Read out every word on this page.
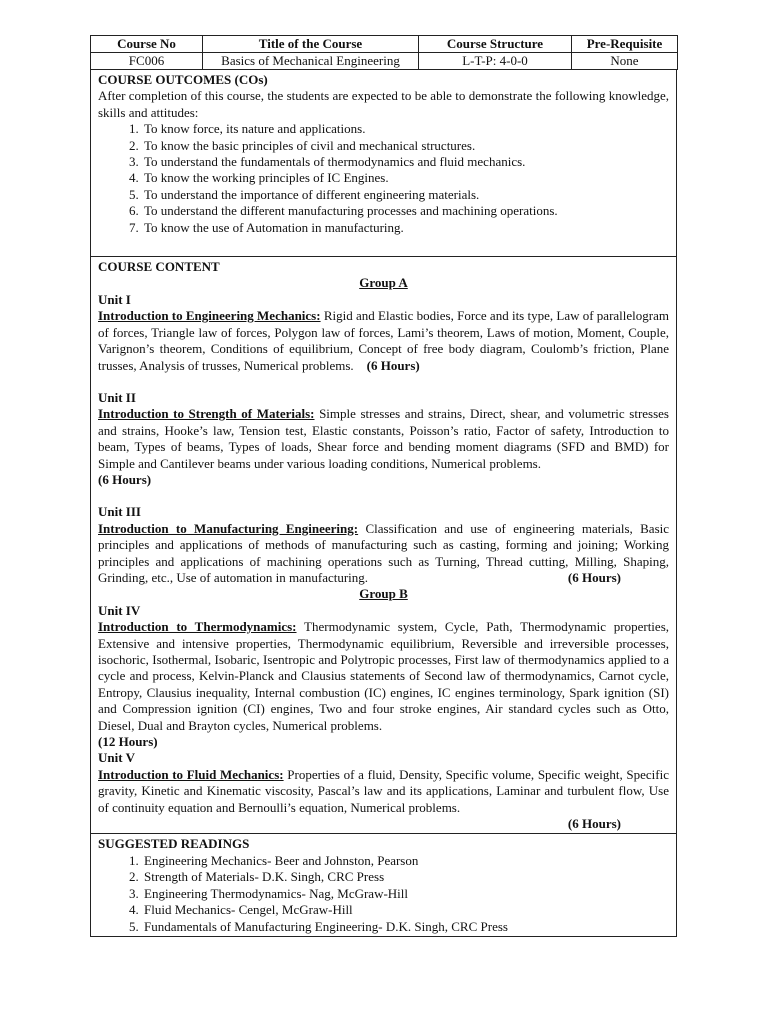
Course No	Title of the Course	Course Structure	Pre-Requisite
FC006	Basics of Mechanical Engineering	L-T-P: 4-0-0	None
COURSE OUTCOMES (COs)
After completion of this course, the students are expected to be able to demonstrate the following knowledge, skills and attitudes:
1. To know force, its nature and applications.
2. To know the basic principles of civil and mechanical structures.
3. To understand the fundamentals of thermodynamics and fluid mechanics.
4. To know the working principles of IC Engines.
5. To understand the importance of different engineering materials.
6. To understand the different manufacturing processes and machining operations.
7. To know the use of Automation in manufacturing.
COURSE CONTENT
Group A
Unit I
Introduction to Engineering Mechanics: Rigid and Elastic bodies, Force and its type, Law of parallelogram of forces, Triangle law of forces, Polygon law of forces, Lami’s theorem, Laws of motion, Moment, Couple, Varignon’s theorem, Conditions of equilibrium, Concept of free body diagram, Coulomb’s friction, Plane trusses, Analysis of trusses, Numerical problems. (6 Hours)
Unit II
Introduction to Strength of Materials: Simple stresses and strains, Direct, shear, and volumetric stresses and strains, Hooke’s law, Tension test, Elastic constants, Poisson’s ratio, Factor of safety, Introduction to beam, Types of beams, Types of loads, Shear force and bending moment diagrams (SFD and BMD) for Simple and Cantilever beams under various loading conditions, Numerical problems.
(6 Hours)
Unit III
Introduction to Manufacturing Engineering: Classification and use of engineering materials, Basic principles and applications of methods of manufacturing such as casting, forming and joining; Working principles and applications of machining operations such as Turning, Thread cutting, Milling, Shaping, Grinding, etc., Use of automation in manufacturing.	(6 Hours)
Group B
Unit IV
Introduction to Thermodynamics: Thermodynamic system, Cycle, Path, Thermodynamic properties, Extensive and intensive properties, Thermodynamic equilibrium, Reversible and irreversible processes, isochoric, Isothermal, Isobaric, Isentropic and Polytropic processes, First law of thermodynamics applied to a cycle and process, Kelvin-Planck and Clausius statements of Second law of thermodynamics, Carnot cycle, Entropy, Clausius inequality, Internal combustion (IC) engines, IC engines terminology, Spark ignition (SI) and Compression ignition (CI) engines, Two and four stroke engines, Air standard cycles such as Otto, Diesel, Dual and Brayton cycles, Numerical problems.
(12 Hours)
Unit V
Introduction to Fluid Mechanics: Properties of a fluid, Density, Specific volume, Specific weight, Specific gravity, Kinetic and Kinematic viscosity, Pascal’s law and its applications, Laminar and turbulent flow, Use of continuity equation and Bernoulli’s equation, Numerical problems.
(6 Hours)
SUGGESTED READINGS
1. Engineering Mechanics- Beer and Johnston, Pearson
2. Strength of Materials- D.K. Singh, CRC Press
3. Engineering Thermodynamics- Nag, McGraw-Hill
4. Fluid Mechanics- Cengel, McGraw-Hill
5. Fundamentals of Manufacturing Engineering- D.K. Singh, CRC Press
